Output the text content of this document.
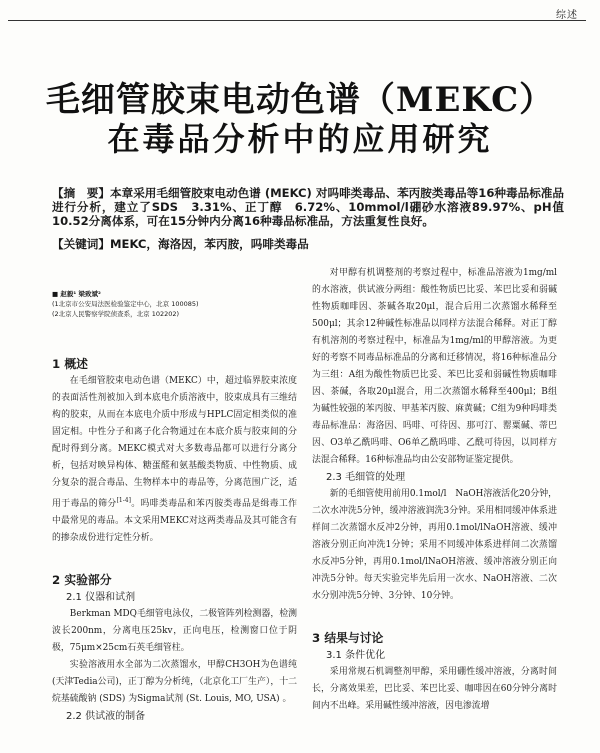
综述
毛细管胶束电动色谱（MEKC）
在毒品分析中的应用研究
【摘　要】本章采用毛细管胶束电动色谱 (MEKC) 对吗啡类毒品、苯丙胺类毒品等16种毒品标准品进行分析，建立了SDS　3.31%、正丁醇　6.72%、10mmol/l硼砂水溶液89.97%、pH值10.52分离体系，可在15分钟内分离16种毒品标准品，方法重复性良好。
【关键词】MEKC，海洛因，苯丙胺，吗啡类毒品
■ 赵毅¹ 梁致斌²
(1北京市公安局法医检验鉴定中心，北京 100085)
(2北京人民警察学院侦查系，北京 102202)

1 概述

在毛细管胶束电动色谱（MEKC）中，超过临界胶束浓度的表面活性剂被加入到本底电介质溶液中，胶束成具有三维结构的胶束，从而在本底电介质中形成与HPLC固定相类似的准固定相。中性分子和离子化合物通过在本底介质与胶束间的分配时得到分离。MEKC模式对大多数毒品都可以进行分离分析，包括对映异构体、糖蛋醛和氨基酸类物质、中性物质、成分复杂的混合毒品、生物样本中的毒品等，分离范围广泛，适用于毒品的筛分[1-4]。吗啡类毒品和苯丙胺类毒品是缉毒工作中最常见的毒品。本文采用MEKC对这两类毒品及其可能含有的掺杂成份进行定性分析。

2 实验部分

2.1 仪器和试剂

Berkman MDQ毛细管电泳仪，二极管阵列检测器，检测波长200nm，分离电压25kv，正向电压，检测窗口位于阴极，75μm×25cm石英毛细管柱。

实验溶液用水全部为二次蒸馏水，甲醇CH3OH为色谱纯(天津Tedia公司)，正丁醇为分析纯，（北京化工厂生产），十二烷基硫酸钠 (SDS) 为Sigma试剂 (St. Louis, MO, USA) 。

2.2 供试液的制备

对甲醇有机调整剂的考察过程中，标准品溶液为1mg/ml的水溶液，供试液分两组：酸性物质巴比妥、苯巴比妥和弱碱性物质咖啡因、茶碱各取20μl，混合后用二次蒸馏水稀释至500μl；其余12种碱性标准品以同样方法混合稀释。对正丁醇有机溶剂的考察过程中，标准品为1mg/ml的甲醇溶液。为更好的考察不同毒品标准品的分离和迁移情况，将16种标准品分为三组：A组为酸性物质巴比妥、苯巴比妥和弱碱性物质咖啡因、茶碱，各取20μl混合，用二次蒸馏水稀释至400μl；B组为碱性较强的苯丙胺、甲基苯丙胺、麻黄碱；C组为9种吗啡类毒品标准品：海洛因、吗啡、可待因、那可汀、罂粟碱、蒂巴因、O3单乙酰吗啡、O6单乙酰吗啡、乙酰可待因，以同样方法混合稀释。16种标准品均由公安部物证鉴定提供。

2.3 毛细管的处理

新的毛细管使用前用0.1mol/l　NaOH溶液活化20分钟，二次水冲洗5分钟，缓冲溶液润洗3分钟。采用相同缓冲体系进样间二次蒸馏水反冲2分钟，再用0.1mol/lNaOH溶液、缓冲溶液分别正向冲洗1分钟；采用不同缓冲体系进样间二次蒸馏水反冲5分钟，再用0.1mol/lNaOH溶液、缓冲溶液分别正向冲洗5分钟。每天实验完毕先后用一次水、NaOH溶液、二次水分别冲洗5分钟、3分钟、10分钟。

3 结果与讨论

3.1 条件优化

采用常规石机调整剂甲醇，采用硼性缓冲溶液，分离时间长，分离效果差，巴比妥、苯巴比妥、咖啡因在60分钟分离时间内不出峰。采用碱性缓冲溶液，因电渗流增
